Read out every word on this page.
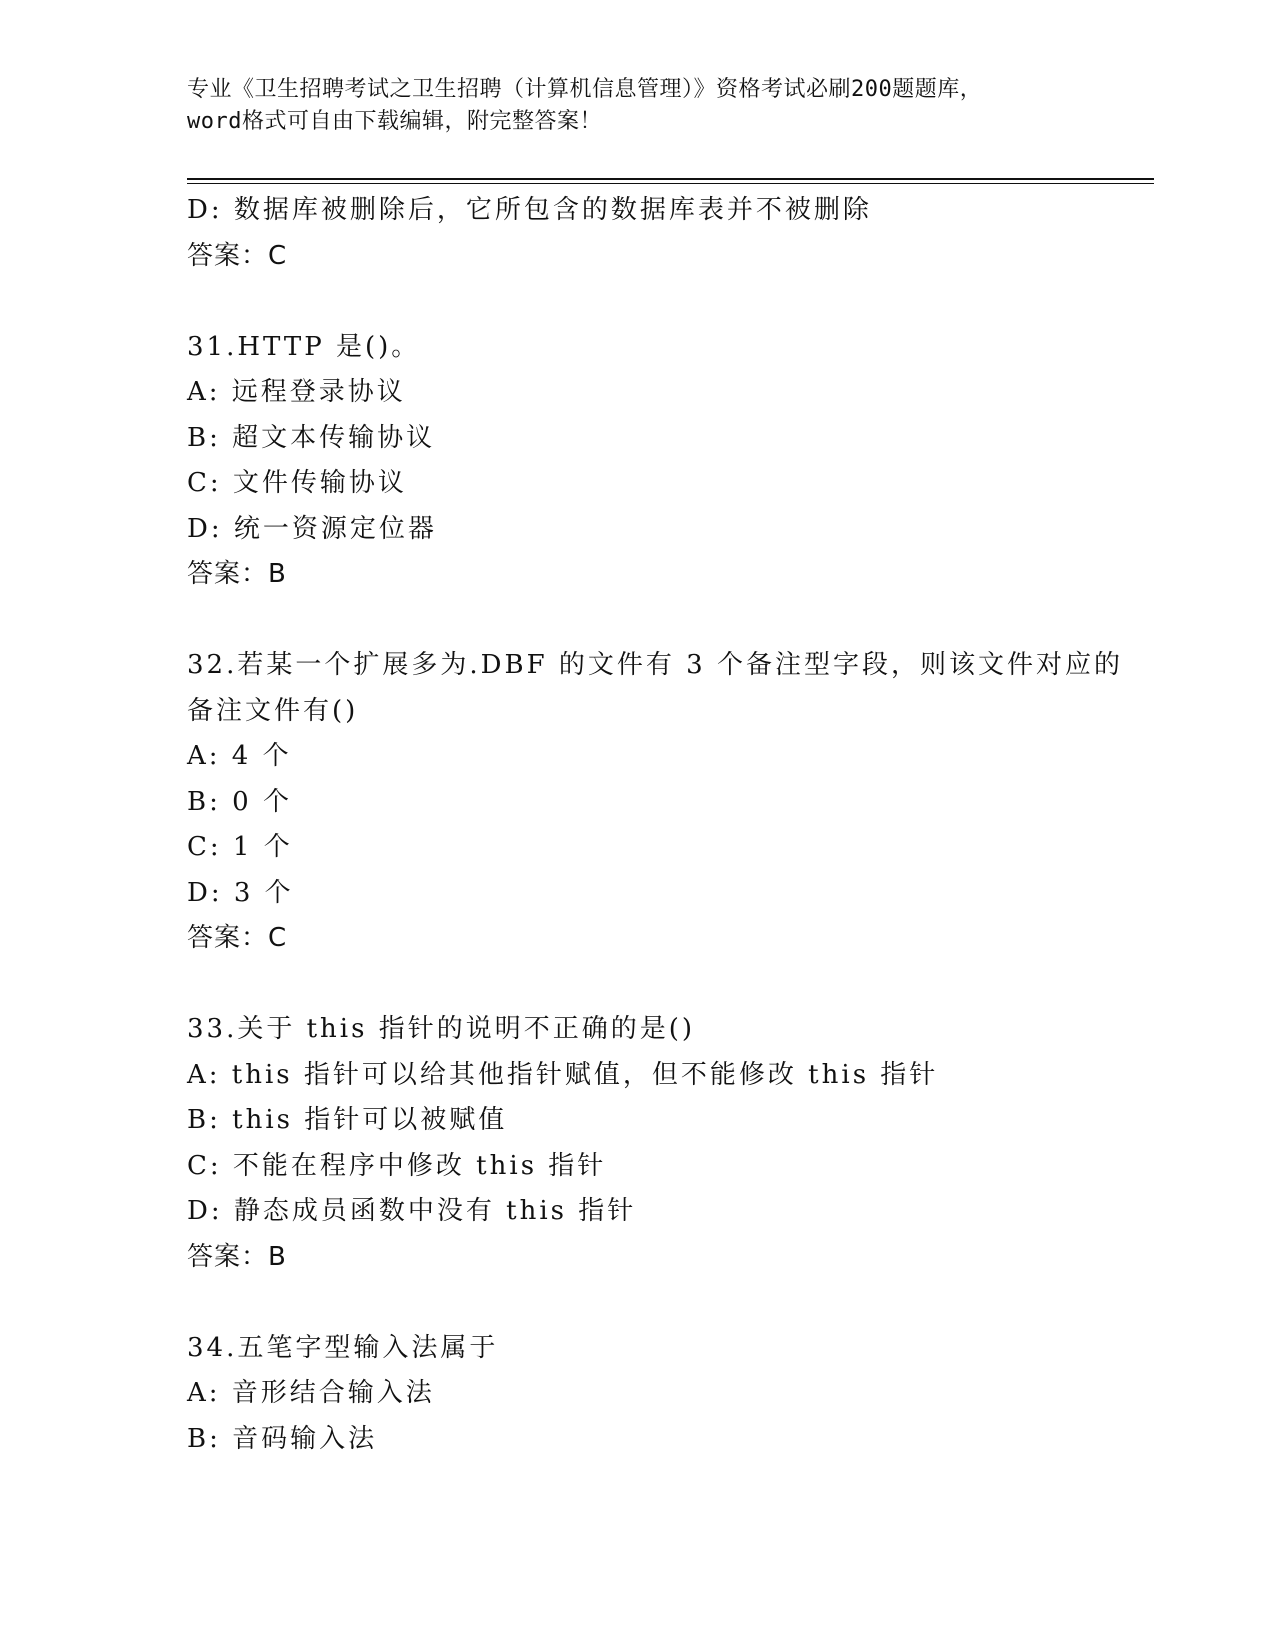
专业《卫生招聘考试之卫生招聘（计算机信息管理）》资格考试必刷200题题库，
word格式可自由下载编辑，附完整答案！
D: 数据库被删除后，它所包含的数据库表并不被删除
答案：C
31.HTTP 是()。
A: 远程登录协议
B: 超文本传输协议
C: 文件传输协议
D: 统一资源定位器
答案：B
32.若某一个扩展多为.DBF 的文件有 3 个备注型字段，则该文件对应的
备注文件有()
A: 4 个
B: 0 个
C: 1 个
D: 3 个
答案：C
33.关于 this 指针的说明不正确的是()
A: this 指针可以给其他指针赋值，但不能修改 this 指针
B: this 指针可以被赋值
C: 不能在程序中修改 this 指针
D: 静态成员函数中没有 this 指针
答案：B
34.五笔字型输入法属于
A: 音形结合输入法
B: 音码输入法
